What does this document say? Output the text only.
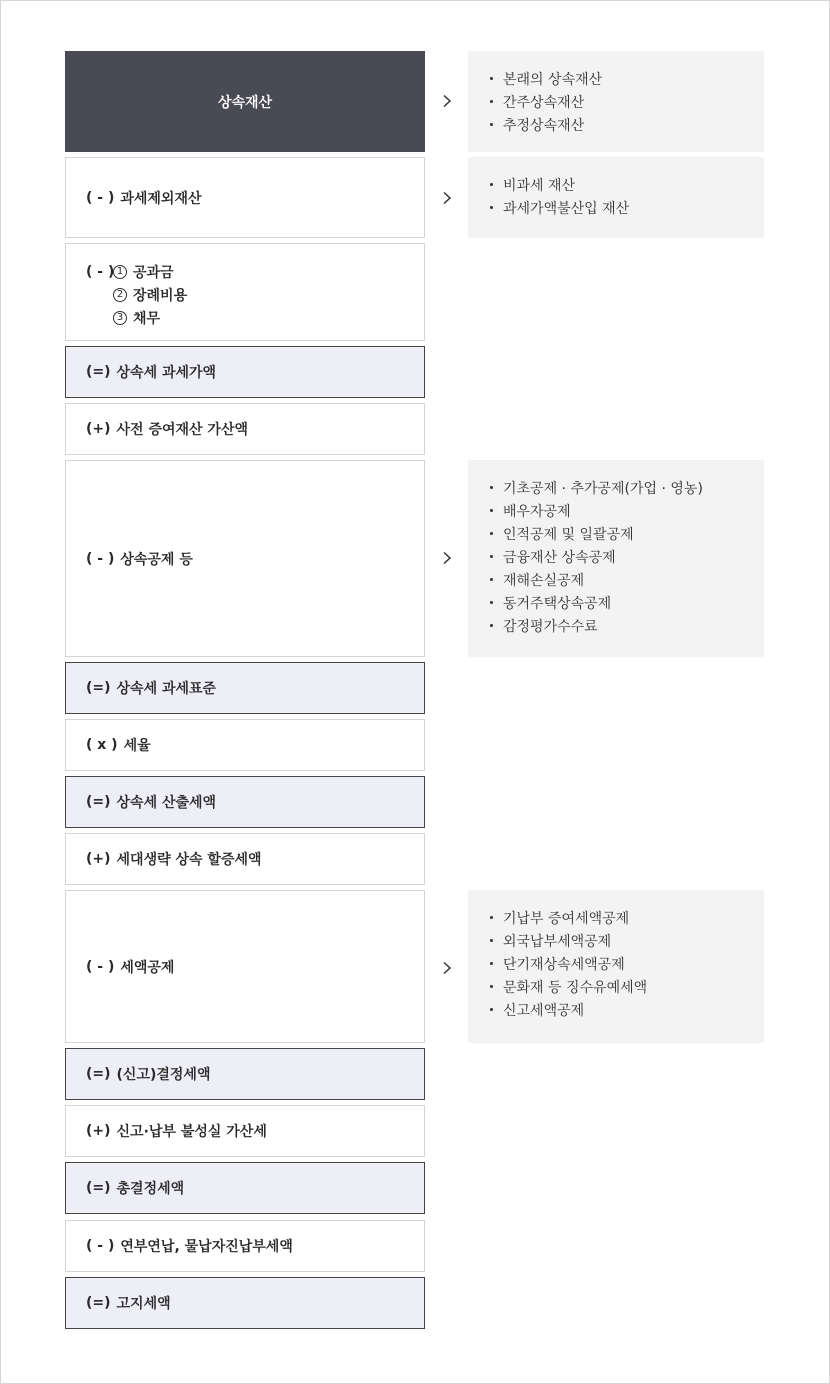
상속재산
( - ) 과세제외재산
( - ) 1 공과금
2 장례비용
3 채무
(=) 상속세 과세가액
(+) 사전 증여재산 가산액
( - ) 상속공제 등
(=) 상속세 과세표준
( x ) 세율
(=) 상속세 산출세액
(+) 세대생략 상속 할증세액
( - ) 세액공제
(=) (신고)결정세액
(+) 신고·납부 불성실 가산세
(=) 총결정세액
( - ) 연부연납, 물납자진납부세액
(=) 고지세액
본래의 상속재산
간주상속재산
추정상속재산
비과세 재산
과세가액불산입 재산
기초공제 · 추가공제(가업 · 영농)
배우자공제
인적공제 및 일괄공제
금융재산 상속공제
재해손실공제
동거주택상속공제
감정평가수수료
기납부 증여세액공제
외국납부세액공제
단기재상속세액공제
문화재 등 징수유예세액
신고세액공제
